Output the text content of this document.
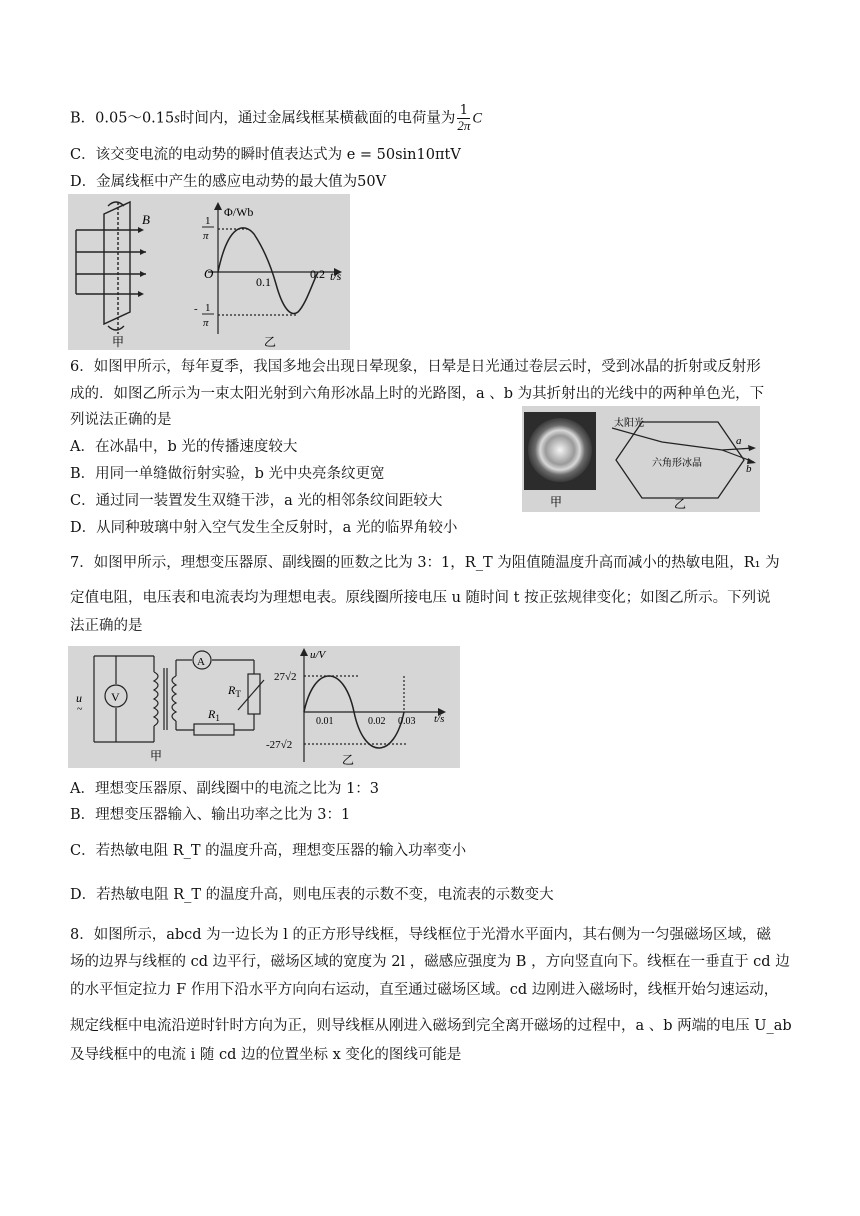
B．0.05～0.15s时间内，通过金属线框某横截面的电荷量为 $\frac{1}{2\pi}$ C
C．该交变电流的电动势的瞬时值表达式为 e = 50sin10πtV
D．金属线框中产生的感应电动势的最大值为50V
B
甲
Φ/Wb
1
π
O
0.1
0.2 t/s
- 1
π
乙
6．如图甲所示，每年夏季，我国多地会出现日晕现象，日晕是日光通过卷层云时，受到冰晶的折射或反射形
成的．如图乙所示为一束太阳光射到六角形冰晶上时的光路图，a 、b 为其折射出的光线中的两种单色光，下
列说法正确的是
A．在冰晶中，b 光的传播速度较大
B．用同一单缝做衍射实验，b 光中央亮条纹更宽
C．通过同一装置发生双缝干涉，a 光的相邻条纹间距较大
D．从同种玻璃中射入空气发生全反射时，a 光的临界角较小
甲
太阳光
六角形冰晶
a
b
乙
7．如图甲所示，理想变压器原、副线圈的匝数之比为 3：1，R_T 为阻值随温度升高而减小的热敏电阻，R₁ 为
定值电阻，电压表和电流表均为理想电表。原线圈所接电压 u 随时间 t 按正弦规律变化；如图乙所示。下列说
法正确的是
u
~
V
A
$R_T$
$R_1$
甲
u/V
27√2
-27√2
0.01	0.02 0.03 t/s
乙
A．理想变压器原、副线圈中的电流之比为 1：3
B．理想变压器输入、输出功率之比为 3：1
C．若热敏电阻 R_T 的温度升高，理想变压器的输入功率变小
D．若热敏电阻 R_T 的温度升高，则电压表的示数不变，电流表的示数变大
8．如图所示，abcd 为一边长为 l 的正方形导线框，导线框位于光滑水平面内，其右侧为一匀强磁场区域，磁
场的边界与线框的 cd 边平行，磁场区域的宽度为 2l ，磁感应强度为 B ，方向竖直向下。线框在一垂直于 cd 边
的水平恒定拉力 F 作用下沿水平方向向右运动，直至通过磁场区域。cd 边刚进入磁场时，线框开始匀速运动，
规定线框中电流沿逆时针时方向为正，则导线框从刚进入磁场到完全离开磁场的过程中，a 、b 两端的电压 U_ab
及导线框中的电流 i 随 cd 边的位置坐标 x 变化的图线可能是
